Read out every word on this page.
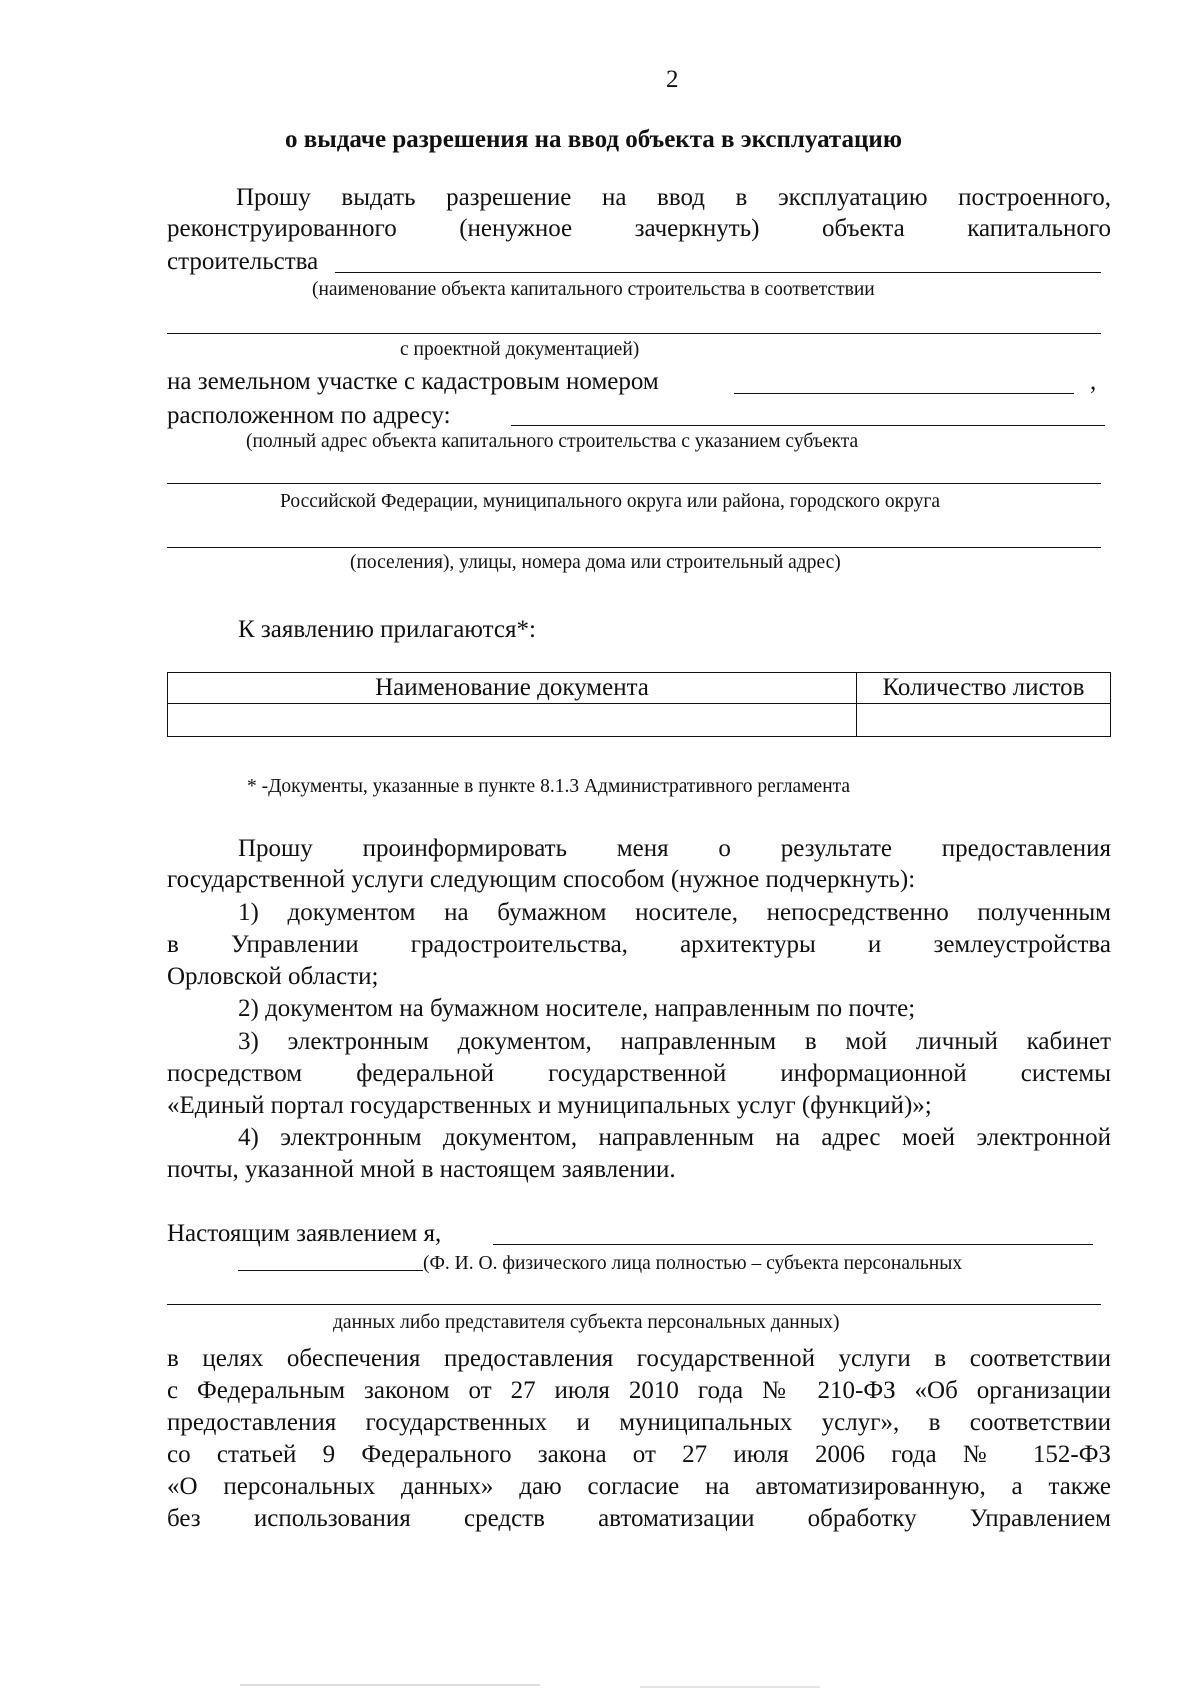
2
о выдаче разрешения на ввод объекта в эксплуатацию
Прошу выдать разрешение на ввод в эксплуатацию построенного,
реконструированного (ненужное зачеркнуть) объекта капитального
строительства
(наименование объекта капитального строительства в соответствии
с проектной документацией)
на земельном участке с кадастровым номером	,
расположенном по адресу:
(полный адрес объекта капитального строительства с указанием субъекта
Российской Федерации, муниципального округа или района, городского округа
(поселения), улицы, номера дома или строительный адрес)
К заявлению прилагаются*:
Наименование документа	Количество листов

* -Документы, указанные в пункте 8.1.3 Административного регламента
Прошу проинформировать меня о результате предоставления
государственной услуги следующим способом (нужное подчеркнуть):
1) документом на бумажном носителе, непосредственно полученным
в Управлении градостроительства, архитектуры и землеустройства
Орловской области;
2) документом на бумажном носителе, направленным по почте;
3) электронным документом, направленным в мой личный кабинет
посредством федеральной государственной информационной системы
«Единый портал государственных и муниципальных услуг (функций)»;
4) электронным документом, направленным на адрес моей электронной
почты, указанной мной в настоящем заявлении.
Настоящим заявлением я,
(Ф. И. О. физического лица полностью – субъекта персональных
данных либо представителя субъекта персональных данных)
в целях обеспечения предоставления государственной услуги в соответствии
с Федеральным законом от 27 июля 2010 года № 210-ФЗ «Об организации
предоставления государственных и муниципальных услуг», в соответствии
со статьей 9 Федерального закона от 27 июля 2006 года № 152-ФЗ
«О персональных данных» даю согласие на автоматизированную, а также
без использования средств автоматизации обработку Управлением
